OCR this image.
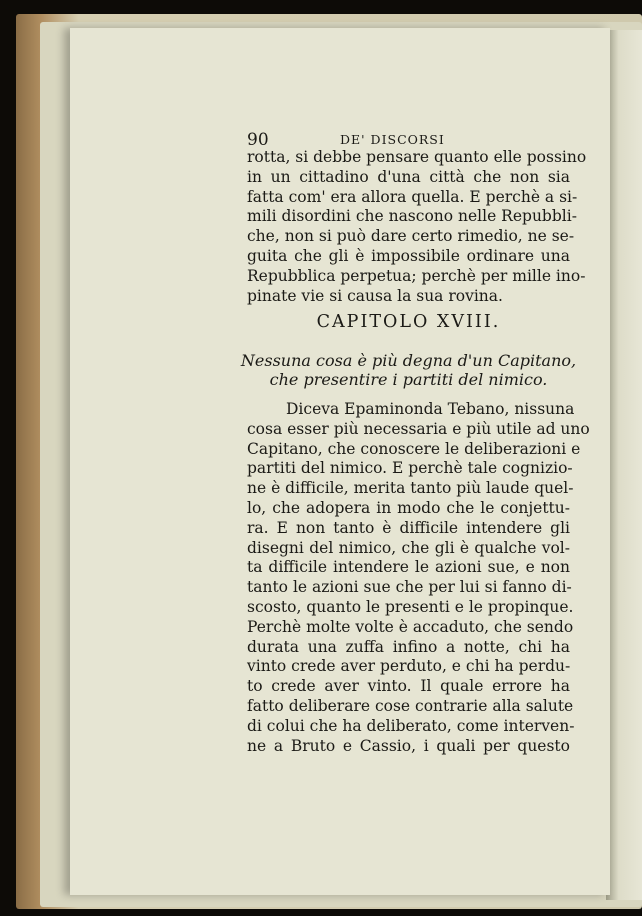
90	DE' DISCORSI
rotta, si debbe pensare quanto elle possino
in un cittadino d'una città che non sia
fatta com' era allora quella. E perchè a si-
mili disordini che nascono nelle Repubbli-
che, non si può dare certo rimedio, ne se-
guita che gli è impossibile ordinare una
Repubblica perpetua; perchè per mille ino-
pinate vie si causa la sua rovina.
CAPITOLO XVIII.
Nessuna cosa è più degna d'un Capitano,
che presentire i partiti del nimico.
Diceva Epaminonda Tebano, nissuna
cosa esser più necessaria e più utile ad uno
Capitano, che conoscere le deliberazioni e
partiti del nimico. E perchè tale cognizio-
ne è difficile, merita tanto più laude quel-
lo, che adopera in modo che le conjettu-
ra. E non tanto è difficile intendere gli
disegni del nimico, che gli è qualche vol-
ta difficile intendere le azioni sue, e non
tanto le azioni sue che per lui si fanno di-
scosto, quanto le presenti e le propinque.
Perchè molte volte è accaduto, che sendo
durata una zuffa infino a notte, chi ha
vinto crede aver perduto, e chi ha perdu-
to crede aver vinto. Il quale errore ha
fatto deliberare cose contrarie alla salute
di colui che ha deliberato, come interven-
ne a Bruto e Cassio, i quali per questo
